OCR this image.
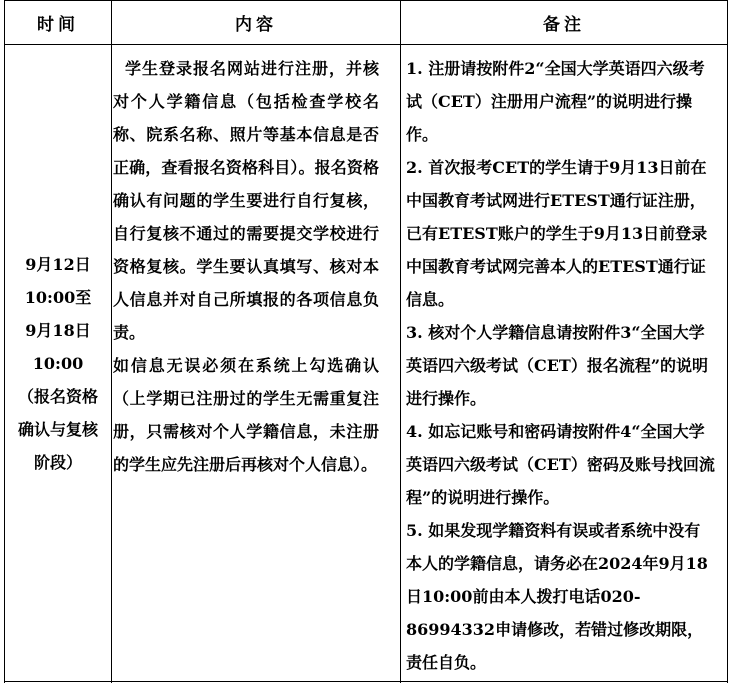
时间	内容	备注
9月12日
10:00至
9月18日
10:00
（报名资格
确认与复核
阶段）

学生登录报名网站进行注册，并核对个人学籍信息（包括检查学校名称、院系名称、照片等基本信息是否正确，查看报名资格科目）。报名资格确认有问题的学生要进行自行复核，自行复核不通过的需要提交学校进行资格复核。学生要认真填写、核对本人信息并对自己所填报的各项信息负责。

如信息无误必须在系统上勾选确认（上学期已注册过的学生无需重复注册，只需核对个人学籍信息，未注册的学生应先注册后再核对个人信息）。

1. 注册请按附件2“全国大学英语四六级考试（CET）注册用户流程”的说明进行操作。

2. 首次报考CET的学生请于9月13日前在中国教育考试网进行ETEST通行证注册，已有ETEST账户的学生于9月13日前登录中国教育考试网完善本人的ETEST通行证信息。

3. 核对个人学籍信息请按附件3“全国大学英语四六级考试（CET）报名流程”的说明进行操作。

4. 如忘记账号和密码请按附件4“全国大学英语四六级考试（CET）密码及账号找回流程”的说明进行操作。

5. 如果发现学籍资料有误或者系统中没有本人的学籍信息，请务必在2024年9月18日10:00前由本人拨打电话020-86994332申请修改，若错过修改期限，责任自负。
